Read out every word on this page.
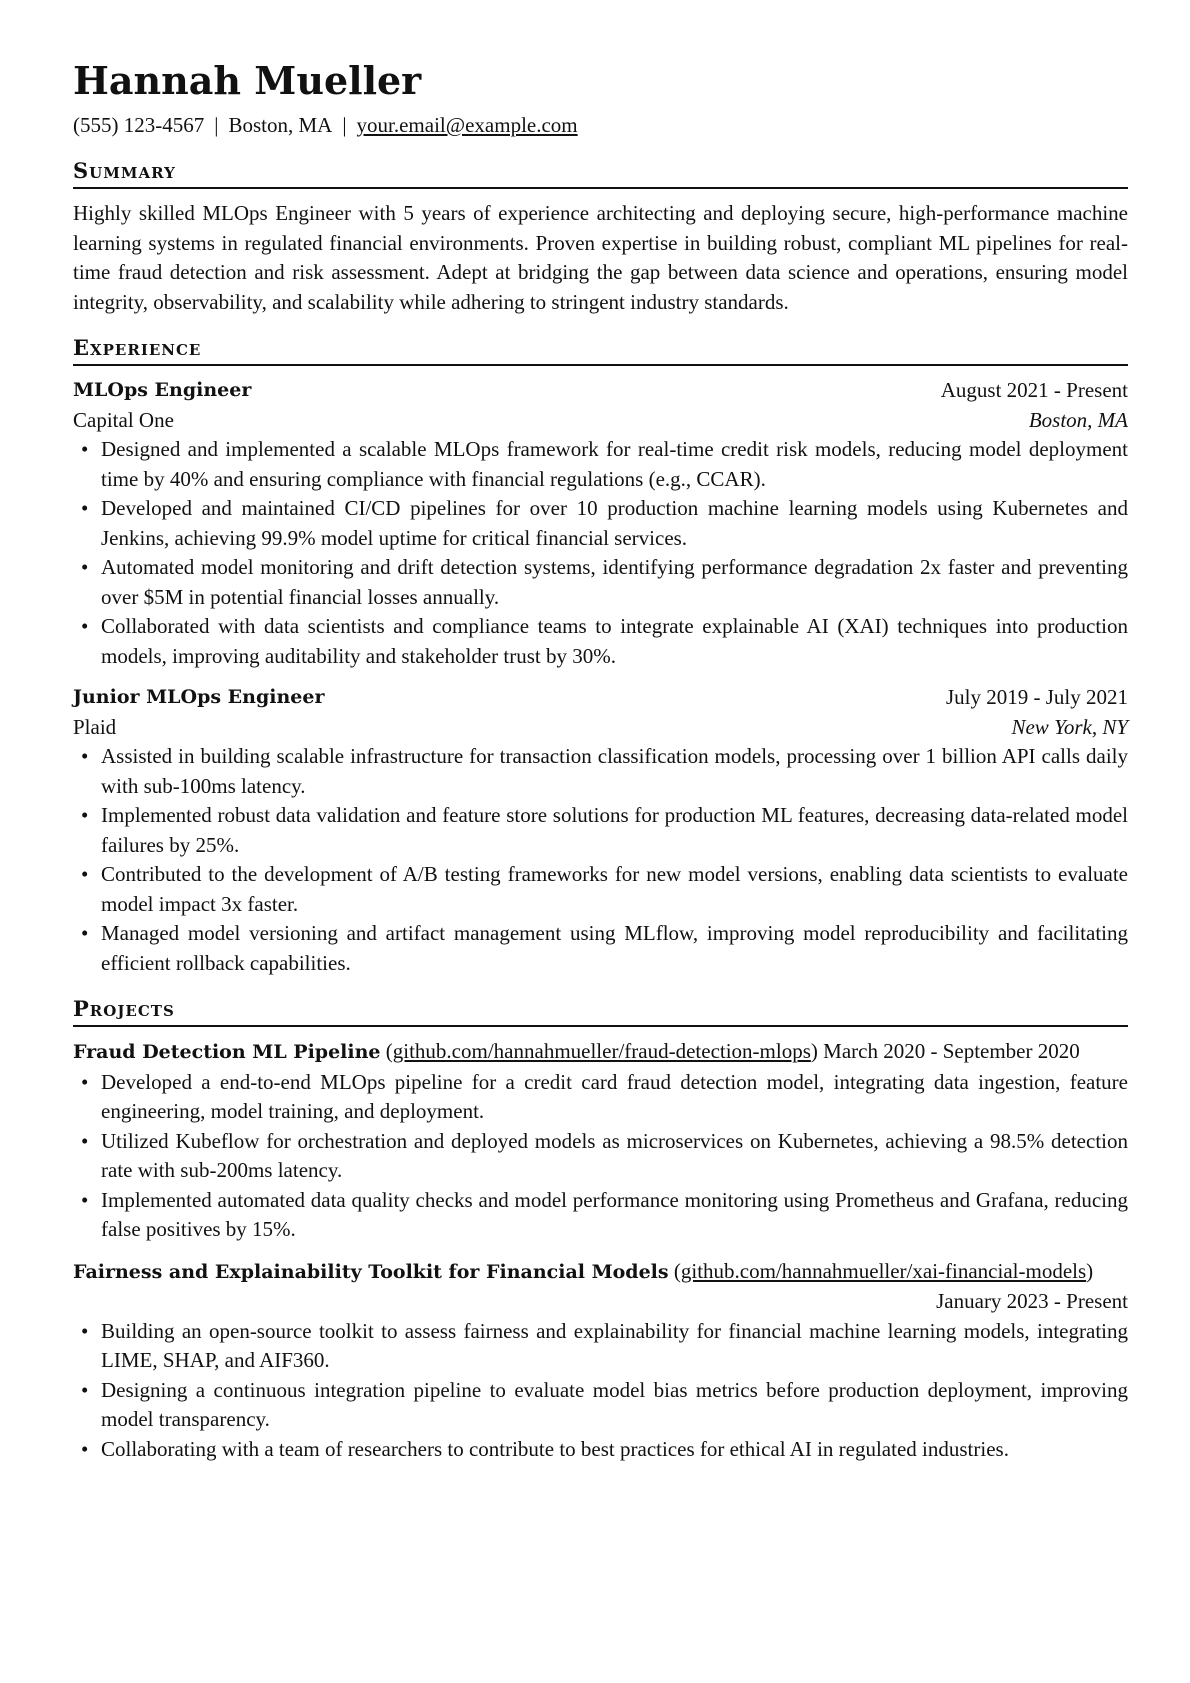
Hannah Mueller
(555) 123-4567 | Boston, MA | your.email@example.com
Summary
Highly skilled MLOps Engineer with 5 years of experience architecting and deploying secure, high-performance machine learning systems in regulated financial environments. Proven expertise in building robust, compliant ML pipelines for real-time fraud detection and risk assessment. Adept at bridging the gap between data science and operations, ensuring model integrity, observability, and scalability while adhering to stringent industry standards.
Experience
MLOps Engineer	August 2021 - Present
Capital One	Boston, MA
• Designed and implemented a scalable MLOps framework for real-time credit risk models, reducing model deployment time by 40% and ensuring compliance with financial regulations (e.g., CCAR).
• Developed and maintained CI/CD pipelines for over 10 production machine learning models using Kubernetes and Jenkins, achieving 99.9% model uptime for critical financial services.
• Automated model monitoring and drift detection systems, identifying performance degradation 2x faster and preventing over $5M in potential financial losses annually.
• Collaborated with data scientists and compliance teams to integrate explainable AI (XAI) techniques into production models, improving auditability and stakeholder trust by 30%.
Junior MLOps Engineer	July 2019 - July 2021
Plaid	New York, NY
• Assisted in building scalable infrastructure for transaction classification models, processing over 1 billion API calls daily with sub-100ms latency.
• Implemented robust data validation and feature store solutions for production ML features, decreasing data-related model failures by 25%.
• Contributed to the development of A/B testing frameworks for new model versions, enabling data scientists to evaluate model impact 3x faster.
• Managed model versioning and artifact management using MLflow, improving model reproducibility and facilitating efficient rollback capabilities.
Projects
Fraud Detection ML Pipeline (github.com/hannahmueller/fraud-detection-mlops) March 2020 - September 2020
• Developed a end-to-end MLOps pipeline for a credit card fraud detection model, integrating data ingestion, feature engineering, model training, and deployment.
• Utilized Kubeflow for orchestration and deployed models as microservices on Kubernetes, achieving a 98.5% detection rate with sub-200ms latency.
• Implemented automated data quality checks and model performance monitoring using Prometheus and Grafana, reducing false positives by 15%.
Fairness and Explainability Toolkit for Financial Models (github.com/hannahmueller/xai-financial-models)
January 2023 - Present
• Building an open-source toolkit to assess fairness and explainability for financial machine learning models, integrating LIME, SHAP, and AIF360.
• Designing a continuous integration pipeline to evaluate model bias metrics before production deployment, improving model transparency.
• Collaborating with a team of researchers to contribute to best practices for ethical AI in regulated industries.
